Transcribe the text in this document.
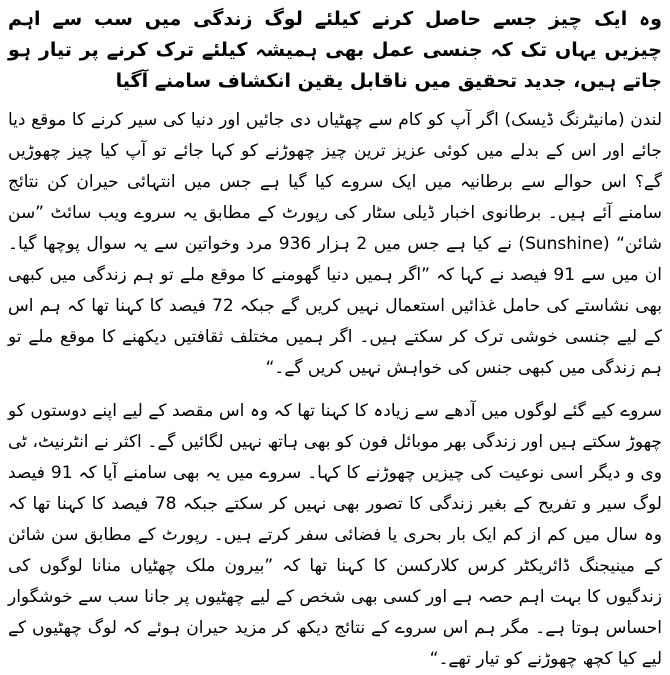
وہ ایک چیز جسے حاصل کرنے کیلئے لوگ زندگی میں سب سے اہم چیزیں یہاں تک کہ جنسی عمل بھی ہمیشہ کیلئے ترک کرنے پر تیار ہو جاتے ہیں، جدید تحقیق میں ناقابل یقین انکشاف سامنے آگیا

لندن (مانیٹرنگ ڈیسک) اگر آپ کو کام سے چھٹیاں دی جائیں اور دنیا کی سیر کرنے کا موقع دیا جائے اور اس کے بدلے میں کوئی عزیز ترین چیز چھوڑنے کو کہا جائے تو آپ کیا چیز چھوڑیں گے؟ اس حوالے سے برطانیہ میں ایک سروے کیا گیا ہے جس میں انتہائی حیران کن نتائج سامنے آئے ہیں۔ برطانوی اخبار ڈیلی سٹار کی رپورٹ کے مطابق یہ سروے ویب سائٹ ”سن شائن“ (Sunshine) نے کیا ہے جس میں 2 ہزار 936 مرد وخواتین سے یہ سوال پوچھا گیا۔ ان میں سے 91 فیصد نے کہا کہ ”اگر ہمیں دنیا گھومنے کا موقع ملے تو ہم زندگی میں کبھی بھی نشاستے کی حامل غذائیں استعمال نہیں کریں گے جبکہ 72 فیصد کا کہنا تھا کہ ہم اس کے لیے جنسی خوشی ترک کر سکتے ہیں۔ اگر ہمیں مختلف ثقافتیں دیکھنے کا موقع ملے تو ہم زندگی میں کبھی جنس کی خواہش نہیں کریں گے۔“

سروے کیے گئے لوگوں میں آدھے سے زیادہ کا کہنا تھا کہ وہ اس مقصد کے لیے اپنے دوستوں کو چھوڑ سکتے ہیں اور زندگی بھر موبائل فون کو بھی ہاتھ نہیں لگائیں گے۔ اکثر نے انٹرنیٹ، ٹی وی و دیگر اسی نوعیت کی چیزیں چھوڑنے کا کہا۔ سروے میں یہ بھی سامنے آیا کہ 91 فیصد لوگ سیر و تفریح کے بغیر زندگی کا تصور بھی نہیں کر سکتے جبکہ 78 فیصد کا کہنا تھا کہ وہ سال میں کم از کم ایک بار بحری یا فضائی سفر کرتے ہیں۔ رپورٹ کے مطابق سن شائن کے مینیجنگ ڈائریکٹر کرس کلارکسن کا کہنا تھا کہ ”بیرون ملک چھٹیاں منانا لوگوں کی زندگیوں کا بہت اہم حصہ ہے اور کسی بھی شخص کے لیے چھٹیوں پر جانا سب سے خوشگوار احساس ہوتا ہے۔ مگر ہم اس سروے کے نتائج دیکھ کر مزید حیران ہوئے کہ لوگ چھٹیوں کے لیے کیا کچھ چھوڑنے کو تیار تھے۔“
